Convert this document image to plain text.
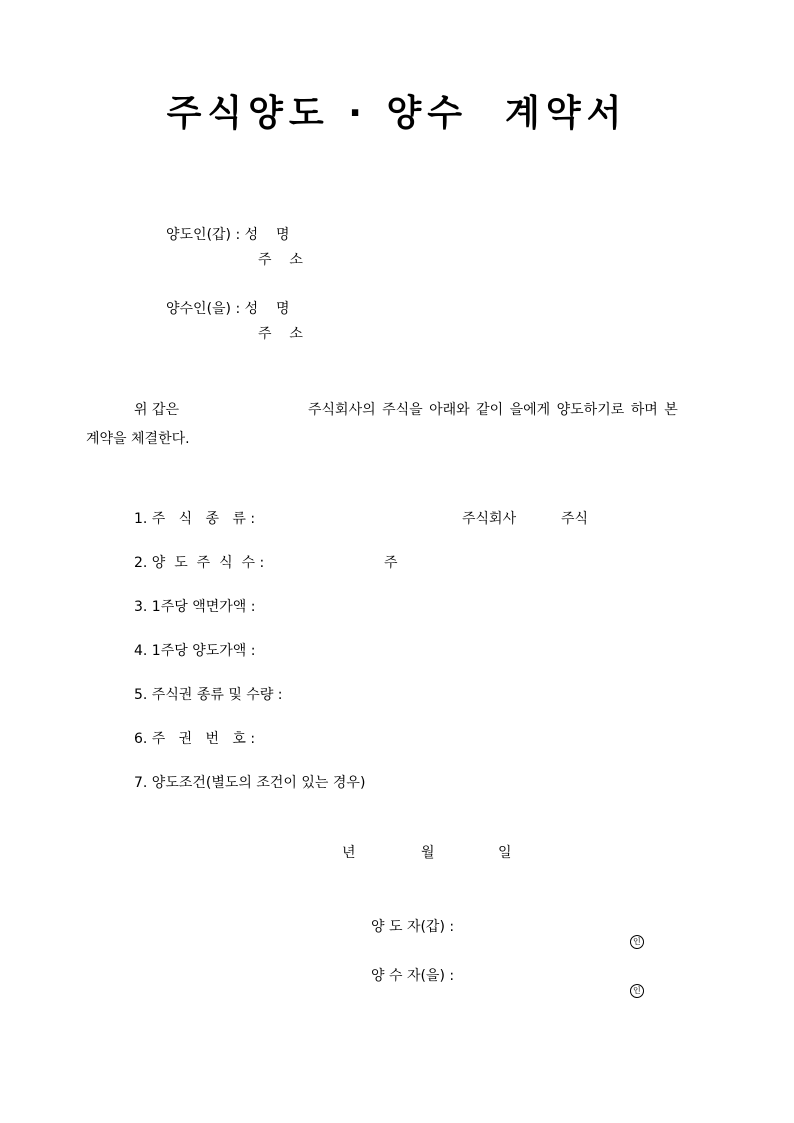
주식양도 · 양수  계약서
양도인(갑) : 성    명
주    소
양수인(을) : 성    명
주    소
위 갑은	주식회사의 주식을 아래와 같이 을에게 양도하기로 하며 본
계약을 체결한다.
1. 주   식   종   류 :	주식회사	주식
2. 양  도  주  식  수 :	주
3. 1주당 액면가액 :
4. 1주당 양도가액 :
5. 주식권 종류 및 수량 :
6. 주   권   번   호 :
7. 양도조건(별도의 조건이 있는 경우)
년	월	일
양 도 자(갑) :

인

양 수 자(을) :

인
